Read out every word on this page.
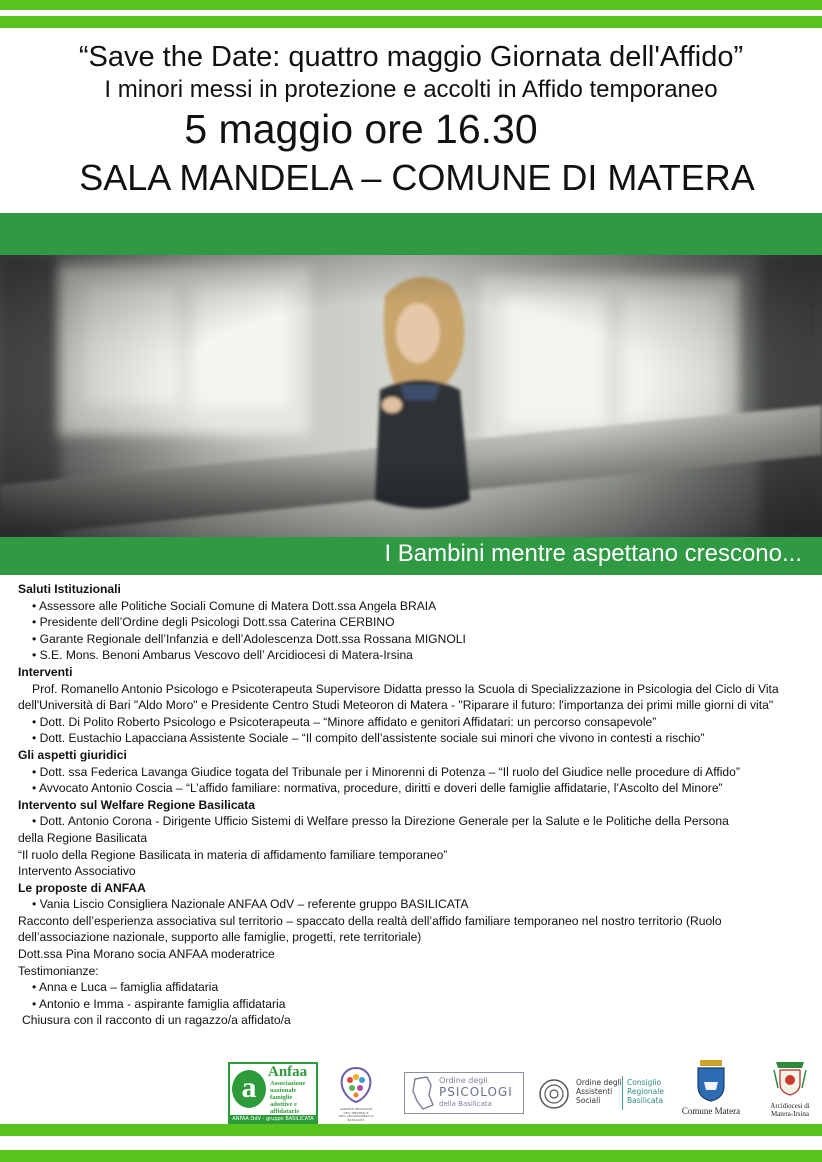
“Save the Date: quattro maggio Giornata dell'Affido”
I minori messi in protezione e accolti in Affido temporaneo
5 maggio ore 16.30
SALA MANDELA – COMUNE DI MATERA
Designer: Vania Liscio
I Bambini mentre aspettano crescono...
Saluti Istituzionali
• Assessore alle Politiche Sociali Comune di Matera Dott.ssa Angela BRAIA
• Presidente dell’Ordine degli Psicologi Dott.ssa Caterina CERBINO
• Garante Regionale dell’Infanzia e dell’Adolescenza Dott.ssa Rossana MIGNOLI
• S.E. Mons. Benoni Ambarus Vescovo dell’ Arcidiocesi di Matera-Irsina
Interventi
Prof. Romanello Antonio Psicologo e Psicoterapeuta Supervisore Didatta presso la Scuola di Specializzazione in Psicologia del Ciclo di Vita dell'Università di Bari "Aldo Moro" e Presidente Centro Studi Meteoron di Matera - "Riparare il futuro: l'importanza dei primi mille giorni di vita"
• Dott. Di Polito Roberto Psicologo e Psicoterapeuta – “Minore affidato e genitori Affidatari: un percorso consapevole”
• Dott. Eustachio Lapacciana Assistente Sociale – “Il compito dell’assistente sociale sui minori che vivono in contesti a rischio”
Gli aspetti giuridici
• Dott. ssa Federica Lavanga Giudice togata del Tribunale per i Minorenni di Potenza – “Il ruolo del Giudice nelle procedure di Affido”
• Avvocato Antonio Coscia – “L’affido familiare: normativa, procedure, diritti e doveri delle famiglie affidatarie, l’Ascolto del Minore”
Intervento sul Welfare Regione Basilicata
• Dott. Antonio Corona - Dirigente Ufficio Sistemi di Welfare presso la Direzione Generale per la Salute e le Politiche della Persona
della Regione Basilicata
“Il ruolo della Regione Basilicata in materia di affidamento familiare temporaneo”
Intervento Associativo
Le proposte di ANFAA
• Vania Liscio Consigliera Nazionale ANFAA OdV – referente gruppo BASILICATA
Racconto dell’esperienza associativa sul territorio – spaccato della realtà dell’affido familiare temporaneo nel nostro territorio (Ruolo dell’associazione nazionale, supporto alle famiglie, progetti, rete territoriale)
Dott.ssa Pina Morano socia ANFAA moderatrice
Testimonianze:
• Anna e Luca – famiglia affidataria
• Antonio e Imma - aspirante famiglia affidataria
Chiusura con il racconto di un ragazzo/a affidato/a
a Anfaa
Associazione
nazionale
famiglie
adottive e
affidatarie
ANFAA OdV - gruppo BASILICATA
GARANTE REGIONALE DELL'INFANZIA E DELL'ADOLESCENZA DI BASILICATA
Ordine degli
PSICOLOGI
della Basilicata
Ordine degli
Assistenti
Sociali
Consiglio
Regionale
Basilicata
Comune Matera	Arcidiocesi di
Matera-Irsina
